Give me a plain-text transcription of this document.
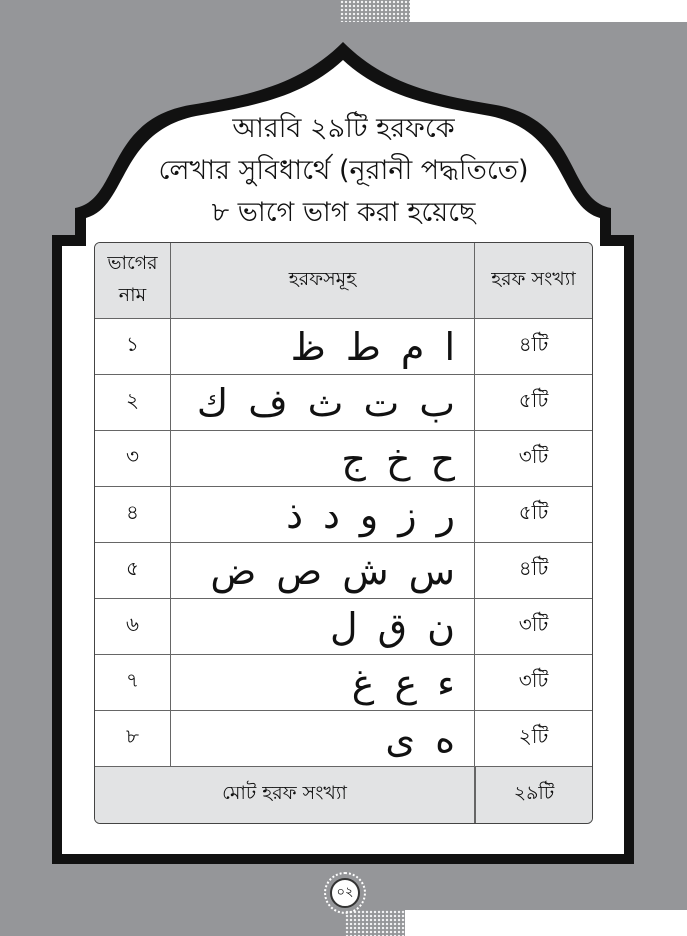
আরবি ২৯টি হরফকে
লেখার সুবিধার্থে (নূরানী পদ্ধতিতে)
৮ ভাগে ভাগ করা হয়েছে
ভাগের নাম	হরফসমূহ	হরফ সংখ্যা
১	امطظ	৪টি
২	بتثفك	৫টি
৩	حخج	৩টি
৪	رزودذ	৫টি
৫	سشصض	৪টি
৬	نقل	৩টি
৭	ءعغ	৩টি
৮	هى	২টি
মোট হরফ সংখ্যা		২৯টি
০২
